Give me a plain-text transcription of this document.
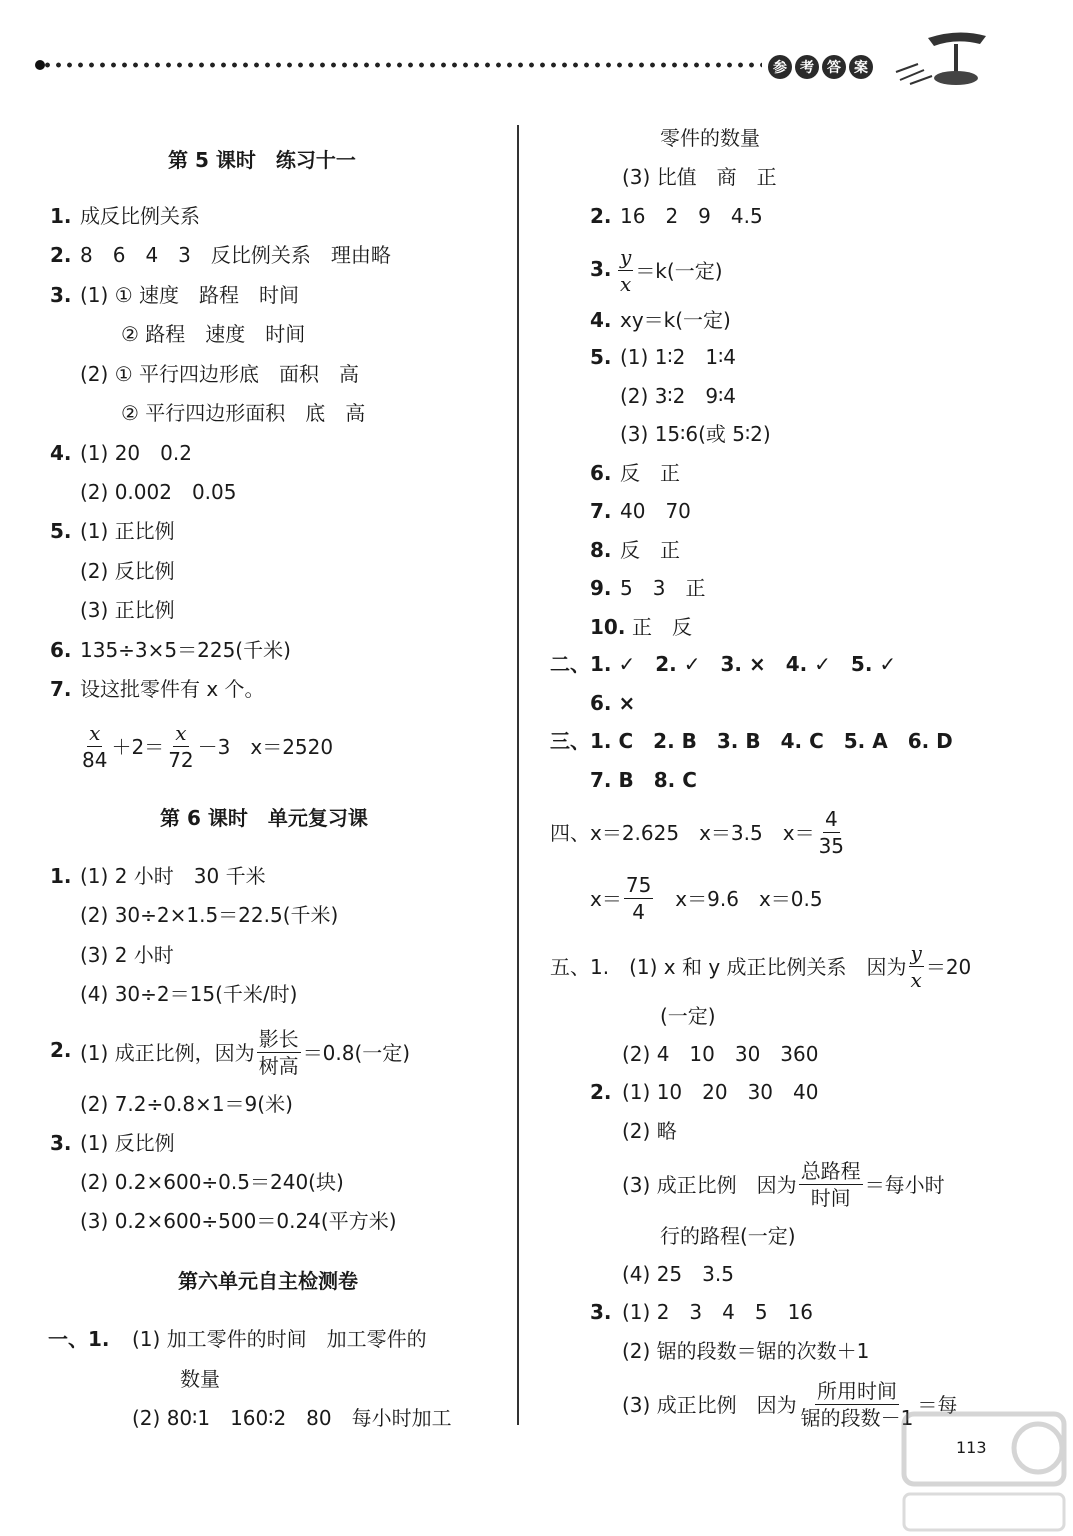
参 考 答 案
第 5 课时　练习十一
1. 成反比例关系
2. 8　6　4　3　反比例关系　理由略
3. (1) ① 速度　路程　时间
② 路程　速度　时间
(2) ① 平行四边形底　面积　高
② 平行四边形面积　底　高
4. (1) 20　0.2
(2) 0.002　0.05
5. (1) 正比例
(2) 反比例
(3) 正比例
6. 135÷3×5＝225(千米)
7. 设这批零件有 x 个。
$\frac{x}{84} +2= \frac{x}{72} -3$　x＝2520
第 6 课时　单元复习课
1. (1) 2 小时　30 千米
(2) 30÷2×1.5＝22.5(千米)
(3) 2 小时
(4) 30÷2＝15(千米/时)
2. (1) 成正比例，因为 $\frac{\text{影长}}{\text{树高}} =0.8$(一定)
(2) 7.2÷0.8×1＝9(米)
3. (1) 反比例
(2) 0.2×600÷0.5＝240(块)
(3) 0.2×600÷500＝0.24(平方米)
第六单元自主检测卷
一、1. (1) 加工零件的时间　加工零件的
数量
(2) 80∶1　160∶2　80　每小时加工
零件的数量
(3) 比值　商　正
2. 16　2　9　4.5
3. $\frac{y}{x} =k$(一定)
4. xy＝k(一定)
5. (1) 1∶2　1∶4
(2) 3∶2　9∶4
(3) 15∶6(或 5∶2)
6. 反　正
7. 40　70
8. 反　正
9. 5　3　正
10. 正　反
二、1. ✓　2. ✓　3. ×　4. ✓　5. ✓
6. ×
三、1. C　2. B　3. B　4. C　5. A　6. D
7. B　8. C
四、x＝2.625　x＝3.5　$x= \frac{4}{35}$
$x= \frac{75}{4}$ 　x＝9.6　x＝0.5
五、1.　(1) x 和 y 成正比例关系　因为 $\frac{y}{x} =20$
(一定)
(2) 4　10　30　360
2. (1) 10　20　30　40
(2) 略
(3) 成正比例　因为 $\frac{\text{总路程}}{\text{时间}}$ ＝每小时
行的路程(一定)
(4) 25　3.5
3. (1) 2　3　4　5　16
(2) 锯的段数＝锯的次数＋1
(3) 成正比例　因为 $\frac{\text{所用时间}}{\text{锯的段数－1}}$ ＝每
113
